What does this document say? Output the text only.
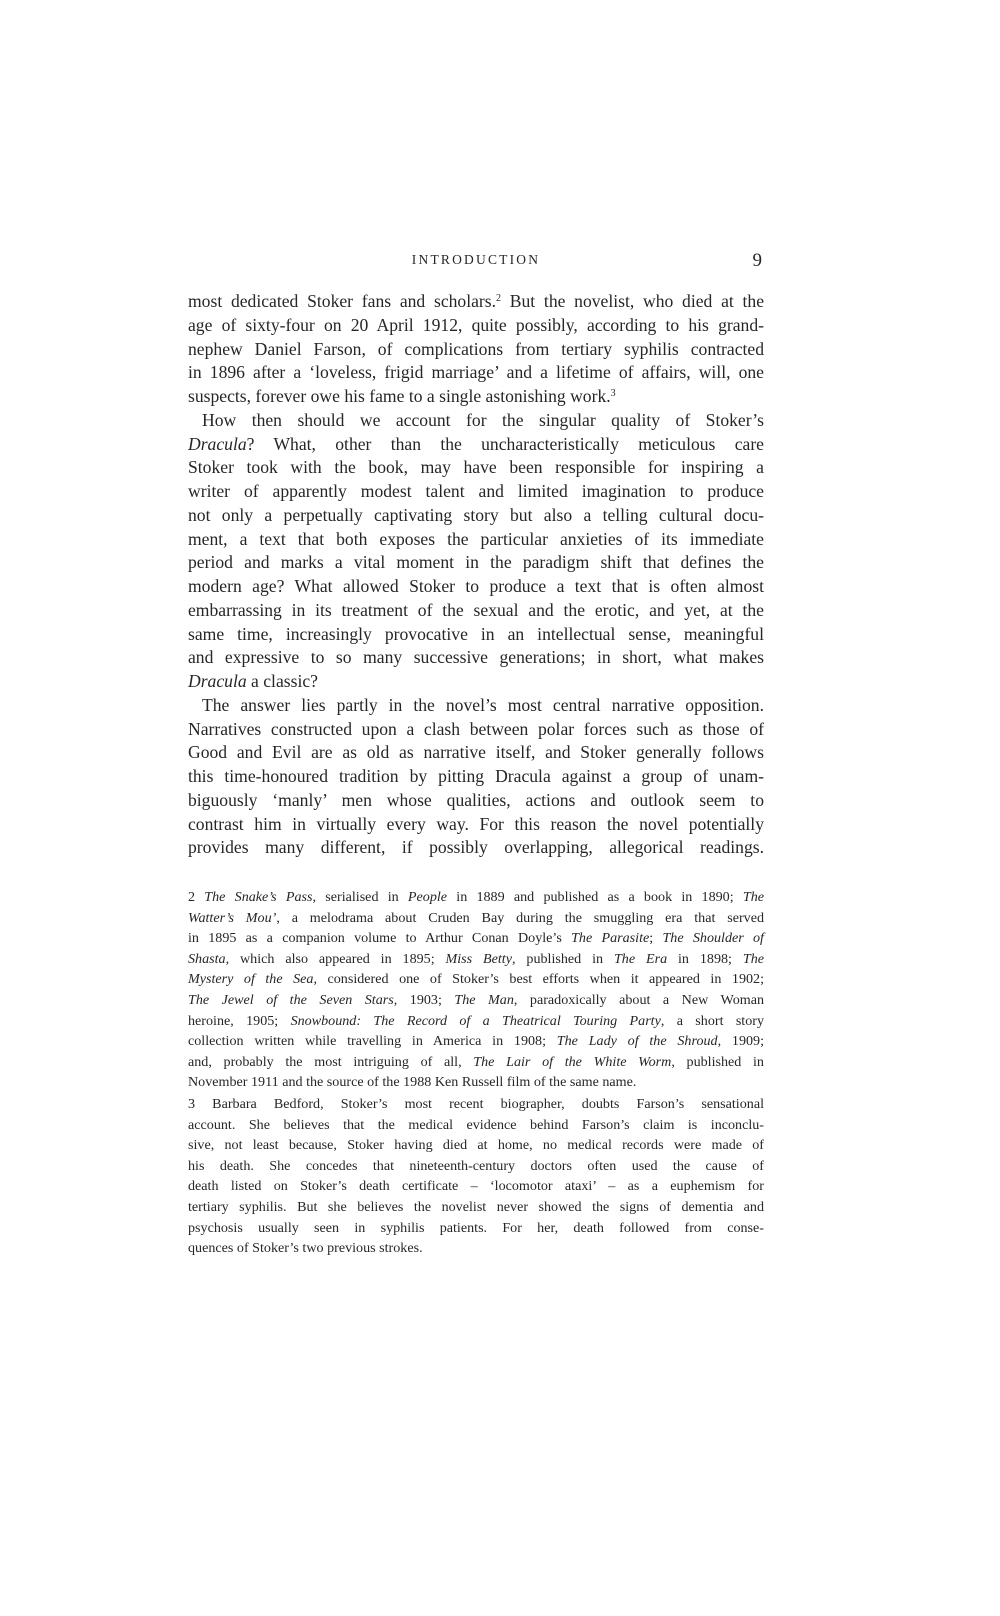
INTRODUCTION	9
most dedicated Stoker fans and scholars.$^2$ But the novelist, who died at the
age of sixty-four on 20 April 1912, quite possibly, according to his grand-
nephew Daniel Farson, of complications from tertiary syphilis contracted
in 1896 after a ‘loveless, frigid marriage’ and a lifetime of affairs, will, one
suspects, forever owe his fame to a single astonishing work.$^3$
How then should we account for the singular quality of Stoker’s
Dracula? What, other than the uncharacteristically meticulous care
Stoker took with the book, may have been responsible for inspiring a
writer of apparently modest talent and limited imagination to produce
not only a perpetually captivating story but also a telling cultural docu-
ment, a text that both exposes the particular anxieties of its immediate
period and marks a vital moment in the paradigm shift that defines the
modern age? What allowed Stoker to produce a text that is often almost
embarrassing in its treatment of the sexual and the erotic, and yet, at the
same time, increasingly provocative in an intellectual sense, meaningful
and expressive to so many successive generations; in short, what makes
Dracula a classic?
The answer lies partly in the novel’s most central narrative opposition.
Narratives constructed upon a clash between polar forces such as those of
Good and Evil are as old as narrative itself, and Stoker generally follows
this time-honoured tradition by pitting Dracula against a group of unam-
biguously ‘manly’ men whose qualities, actions and outlook seem to
contrast him in virtually every way. For this reason the novel potentially
provides many different, if possibly overlapping, allegorical readings.
2 The Snake’s Pass, serialised in People in 1889 and published as a book in 1890; The
Watter’s Mou’, a melodrama about Cruden Bay during the smuggling era that served
in 1895 as a companion volume to Arthur Conan Doyle’s The Parasite; The Shoulder of
Shasta, which also appeared in 1895; Miss Betty, published in The Era in 1898; The
Mystery of the Sea, considered one of Stoker’s best efforts when it appeared in 1902;
The Jewel of the Seven Stars, 1903; The Man, paradoxically about a New Woman
heroine, 1905; Snowbound: The Record of a Theatrical Touring Party, a short story
collection written while travelling in America in 1908; The Lady of the Shroud, 1909;
and, probably the most intriguing of all, The Lair of the White Worm, published in
November 1911 and the source of the 1988 Ken Russell film of the same name.
3 Barbara Bedford, Stoker’s most recent biographer, doubts Farson’s sensational
account. She believes that the medical evidence behind Farson’s claim is inconclu-
sive, not least because, Stoker having died at home, no medical records were made of
his death. She concedes that nineteenth-century doctors often used the cause of
death listed on Stoker’s death certificate – ‘locomotor ataxi’ – as a euphemism for
tertiary syphilis. But she believes the novelist never showed the signs of dementia and
psychosis usually seen in syphilis patients. For her, death followed from conse-
quences of Stoker’s two previous strokes.
